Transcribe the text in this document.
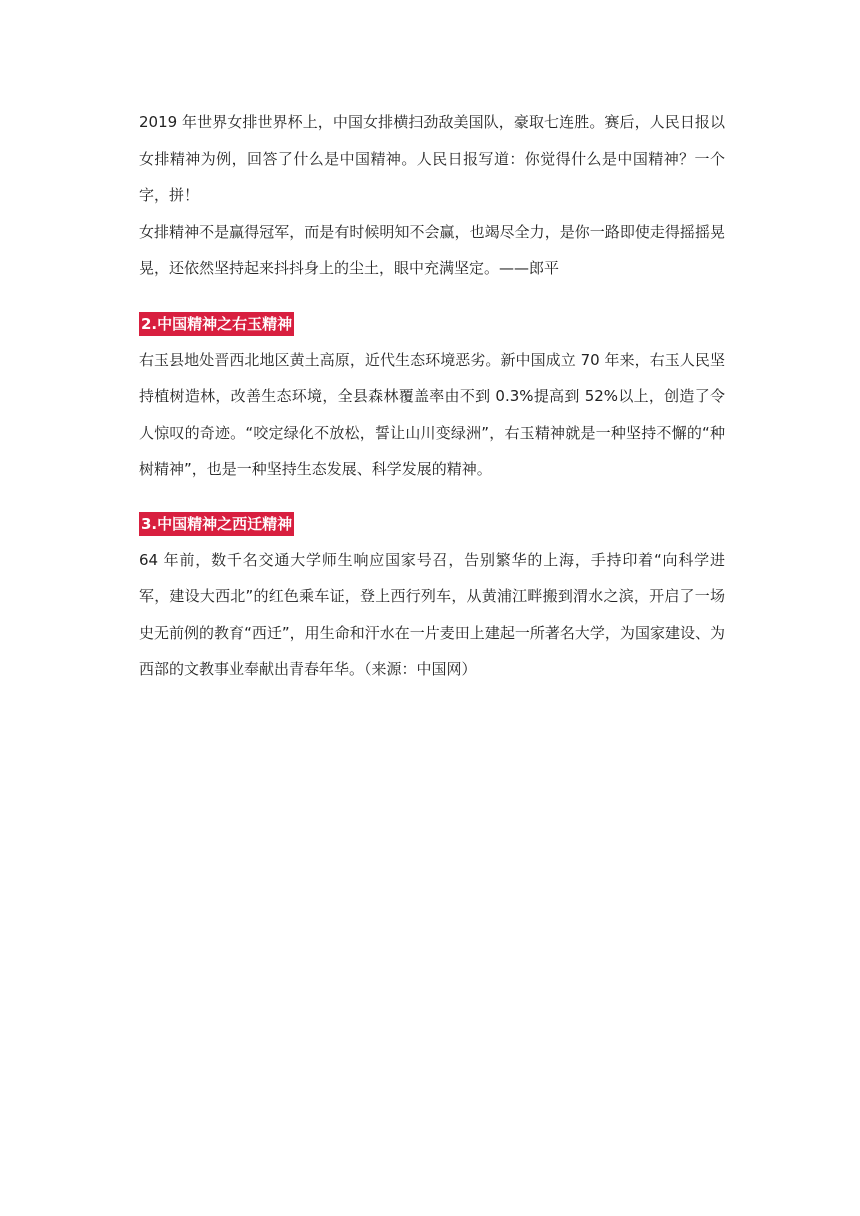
2019 年世界女排世界杯上，中国女排横扫劲敌美国队，豪取七连胜。赛后，人民日报以女排精神为例，回答了什么是中国精神。人民日报写道：你觉得什么是中国精神？一个字，拼！

女排精神不是赢得冠军，而是有时候明知不会赢，也竭尽全力，是你一路即使走得摇摇晃晃，还依然坚持起来抖抖身上的尘土，眼中充满坚定。——郎平

2.中国精神之右玉精神

右玉县地处晋西北地区黄土高原，近代生态环境恶劣。新中国成立 70 年来，右玉人民坚持植树造林，改善生态环境，全县森林覆盖率由不到 0.3%提高到 52%以上，创造了令人惊叹的奇迹。“咬定绿化不放松，誓让山川变绿洲”，右玉精神就是一种坚持不懈的“种树精神”，也是一种坚持生态发展、科学发展的精神。

3.中国精神之西迁精神

64 年前，数千名交通大学师生响应国家号召，告别繁华的上海，手持印着“向科学进军，建设大西北”的红色乘车证，登上西行列车，从黄浦江畔搬到渭水之滨，开启了一场史无前例的教育“西迁”，用生命和汗水在一片麦田上建起一所著名大学，为国家建设、为西部的文教事业奉献出青春年华。（来源：中国网）
